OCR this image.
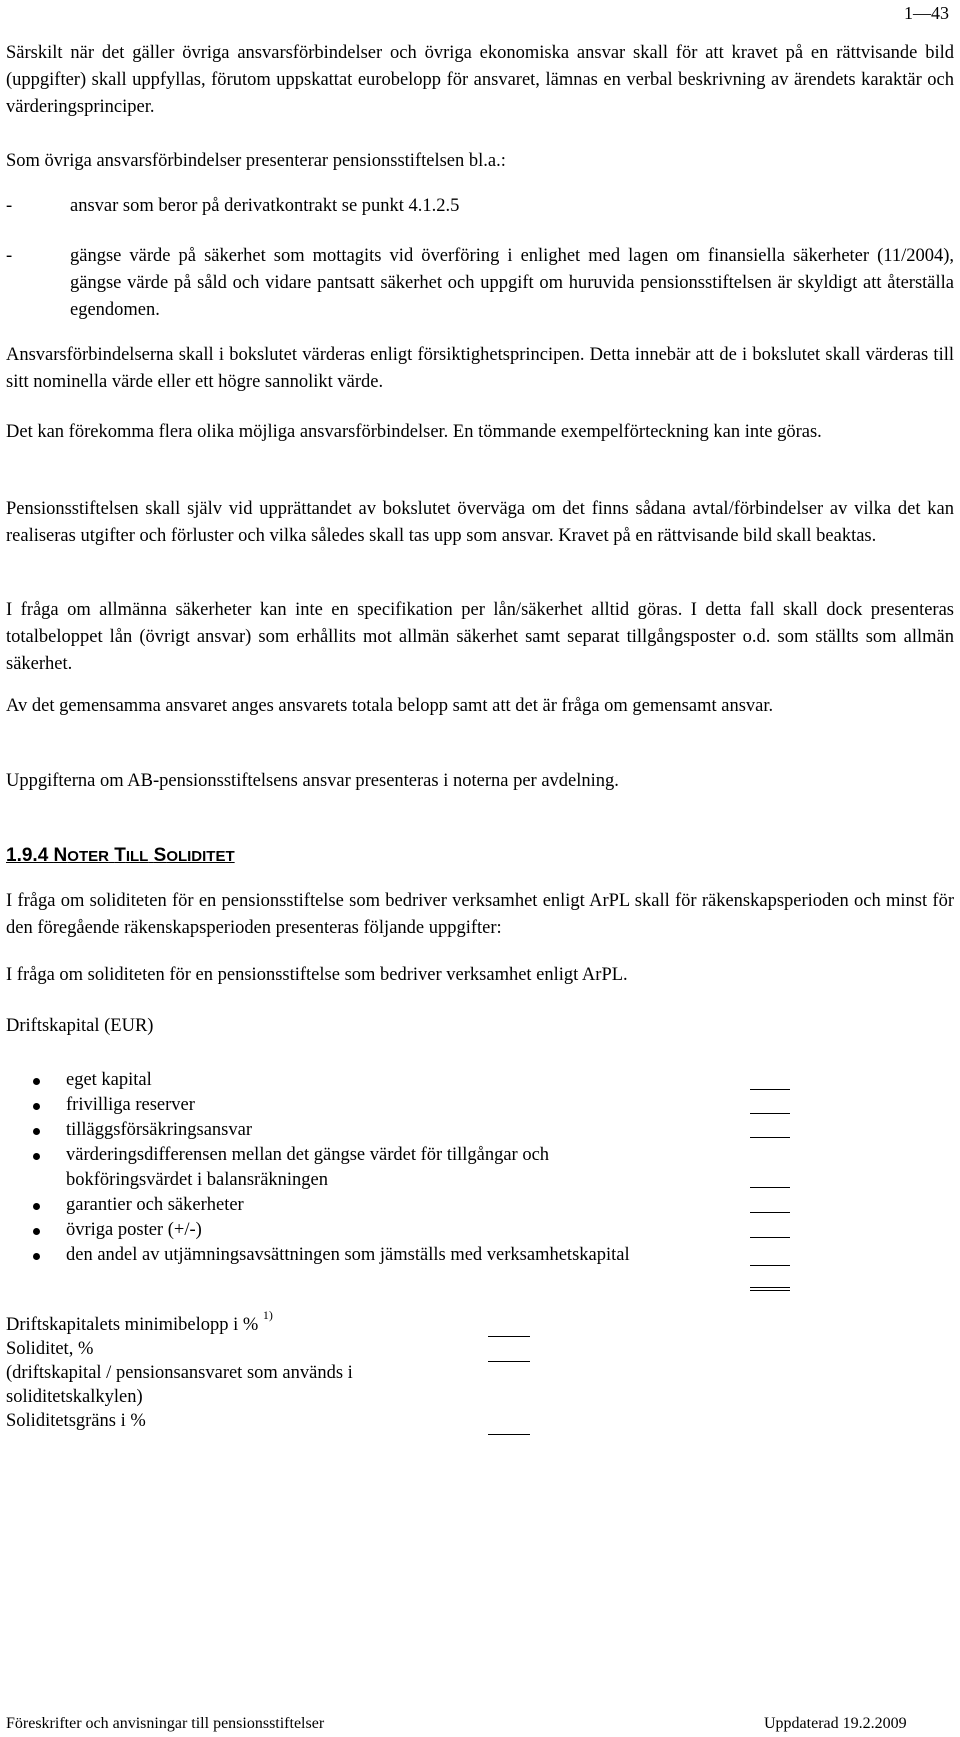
1—43

Särskilt när det gäller övriga ansvarsförbindelser och övriga ekonomiska ansvar skall för att kravet på en rättvisande bild (uppgifter) skall uppfyllas, förutom uppskattat eurobelopp för ansvaret, lämnas en verbal beskrivning av ärendets karaktär och värderingsprinciper.

Som övriga ansvarsförbindelser presenterar pensionsstiftelsen bl.a.:

-	ansvar som beror på derivatkontrakt se punkt 4.1.2.5

-	gängse värde på säkerhet som mottagits vid överföring i enlighet med lagen om finansiella säkerheter (11/2004), gängse värde på såld och vidare pantsatt säkerhet och uppgift om huruvida pensionsstiftelsen är skyldigt att återställa egendomen.

Ansvarsförbindelserna skall i bokslutet värderas enligt försiktighetsprincipen. Detta innebär att de i bokslutet skall värderas till sitt nominella värde eller ett högre sannolikt värde.

Det kan förekomma flera olika möjliga ansvarsförbindelser. En tömmande exempelförteckning kan inte göras.

Pensionsstiftelsen skall själv vid upprättandet av bokslutet överväga om det finns sådana avtal/förbindelser av vilka det kan realiseras utgifter och förluster och vilka således skall tas upp som ansvar. Kravet på en rättvisande bild skall beaktas.

I fråga om allmänna säkerheter kan inte en specifikation per lån/säkerhet alltid göras. I detta fall skall dock presenteras totalbeloppet lån (övrigt ansvar) som erhållits mot allmän säkerhet samt separat tillgångsposter o.d. som ställts som allmän säkerhet.

Av det gemensamma ansvaret anges ansvarets totala belopp samt att det är fråga om gemensamt ansvar.

Uppgifterna om AB-pensionsstiftelsens ansvar presenteras i noterna per avdelning.

1.9.4 NOTER TILL SOLIDITET

I fråga om soliditeten för en pensionsstiftelse som bedriver verksamhet enligt ArPL skall för räkenskapsperioden och minst för den föregående räkenskapsperioden presenteras följande uppgifter:

I fråga om soliditeten för en pensionsstiftelse som bedriver verksamhet enligt ArPL.

Driftskapital (EUR)

eget kapital
frivilliga reserver
tilläggsförsäkringsansvar
värderingsdifferensen mellan det gängse värdet för tillgångar och bokföringsvärdet i balansräkningen
garantier och säkerheter
övriga poster (+/-)
den andel av utjämningsavsättningen som jämställs med verksamhetskapital
Driftskapitalets minimibelopp i % $^{1)}$
Soliditet, %
(driftskapital / pensionsansvaret som används i soliditetskalkylen)
Soliditetsgräns i %
Föreskrifter och anvisningar till pensionsstiftelser	Uppdaterad 19.2.2009
